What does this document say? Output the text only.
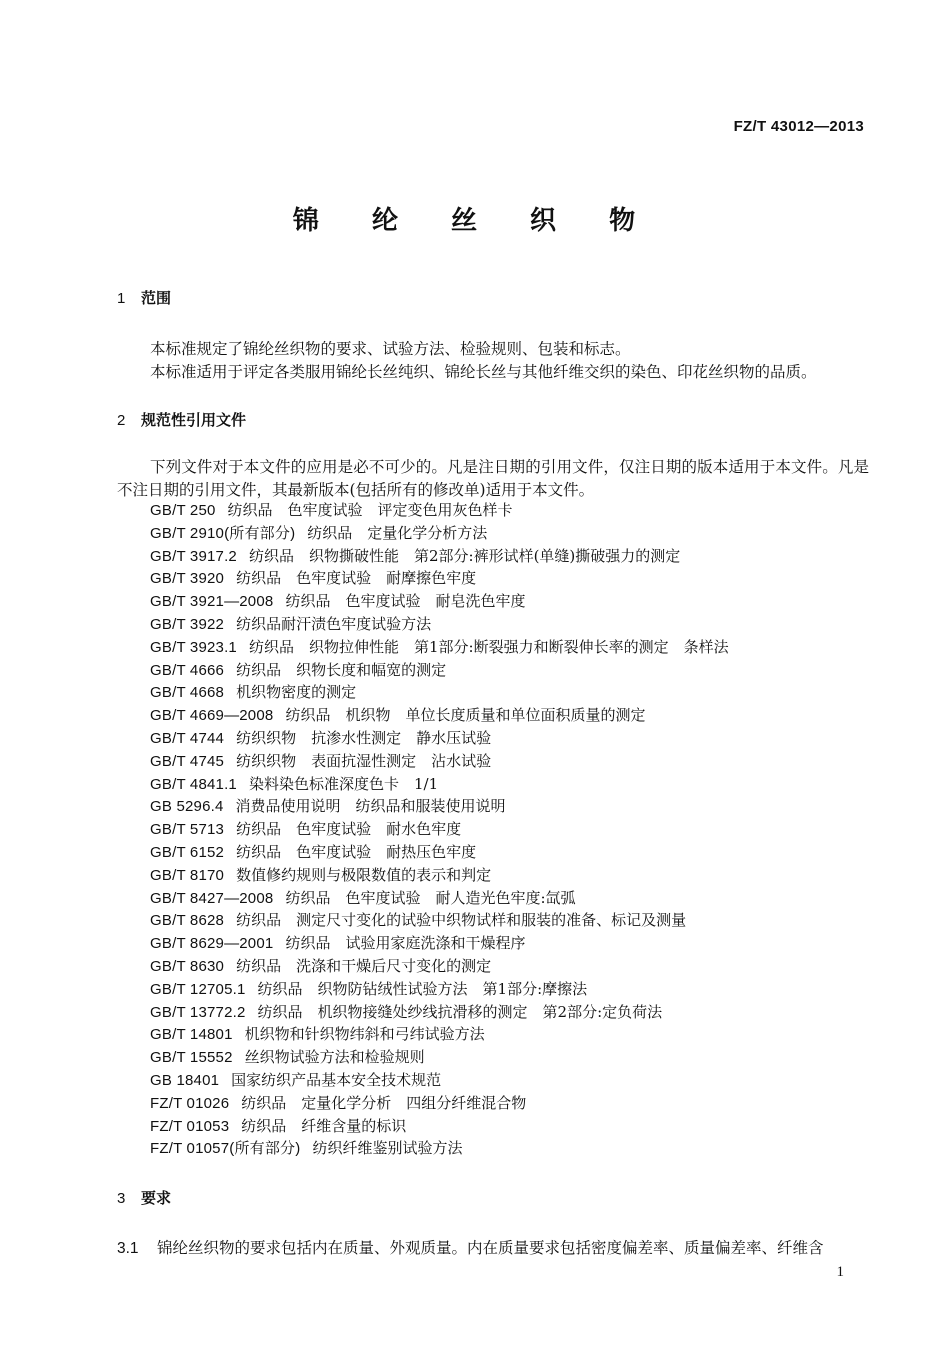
FZ/T 43012—2013
锦 纶 丝 织 物
1 范围
本标准规定了锦纶丝织物的要求、试验方法、检验规则、包装和标志。
本标准适用于评定各类服用锦纶长丝纯织、锦纶长丝与其他纤维交织的染色、印花丝织物的品质。
2 规范性引用文件
下列文件对于本文件的应用是必不可少的。凡是注日期的引用文件，仅注日期的版本适用于本文件。凡是不注日期的引用文件，其最新版本(包括所有的修改单)适用于本文件。
GB/T 250 纺织品　色牢度试验　评定变色用灰色样卡
GB/T 2910(所有部分) 纺织品　定量化学分析方法
GB/T 3917.2 纺织品　织物撕破性能　第2部分:裤形试样(单缝)撕破强力的测定
GB/T 3920 纺织品　色牢度试验　耐摩擦色牢度
GB/T 3921—2008 纺织品　色牢度试验　耐皂洗色牢度
GB/T 3922 纺织品耐汗渍色牢度试验方法
GB/T 3923.1 纺织品　织物拉伸性能　第1部分:断裂强力和断裂伸长率的测定　条样法
GB/T 4666 纺织品　织物长度和幅宽的测定
GB/T 4668 机织物密度的测定
GB/T 4669—2008 纺织品　机织物　单位长度质量和单位面积质量的测定
GB/T 4744 纺织织物　抗渗水性测定　静水压试验
GB/T 4745 纺织织物　表面抗湿性测定　沾水试验
GB/T 4841.1 染料染色标准深度色卡　1/1
GB 5296.4 消费品使用说明　纺织品和服装使用说明
GB/T 5713 纺织品　色牢度试验　耐水色牢度
GB/T 6152 纺织品　色牢度试验　耐热压色牢度
GB/T 8170 数值修约规则与极限数值的表示和判定
GB/T 8427—2008 纺织品　色牢度试验　耐人造光色牢度:氙弧
GB/T 8628 纺织品　测定尺寸变化的试验中织物试样和服装的准备、标记及测量
GB/T 8629—2001 纺织品　试验用家庭洗涤和干燥程序
GB/T 8630 纺织品　洗涤和干燥后尺寸变化的测定
GB/T 12705.1 纺织品　织物防钻绒性试验方法　第1部分:摩擦法
GB/T 13772.2 纺织品　机织物接缝处纱线抗滑移的测定　第2部分:定负荷法
GB/T 14801 机织物和针织物纬斜和弓纬试验方法
GB/T 15552 丝织物试验方法和检验规则
GB 18401 国家纺织产品基本安全技术规范
FZ/T 01026 纺织品　定量化学分析　四组分纤维混合物
FZ/T 01053 纺织品　纤维含量的标识
FZ/T 01057(所有部分) 纺织纤维鉴别试验方法
3 要求
3.1 锦纶丝织物的要求包括内在质量、外观质量。内在质量要求包括密度偏差率、质量偏差率、纤维含
1
